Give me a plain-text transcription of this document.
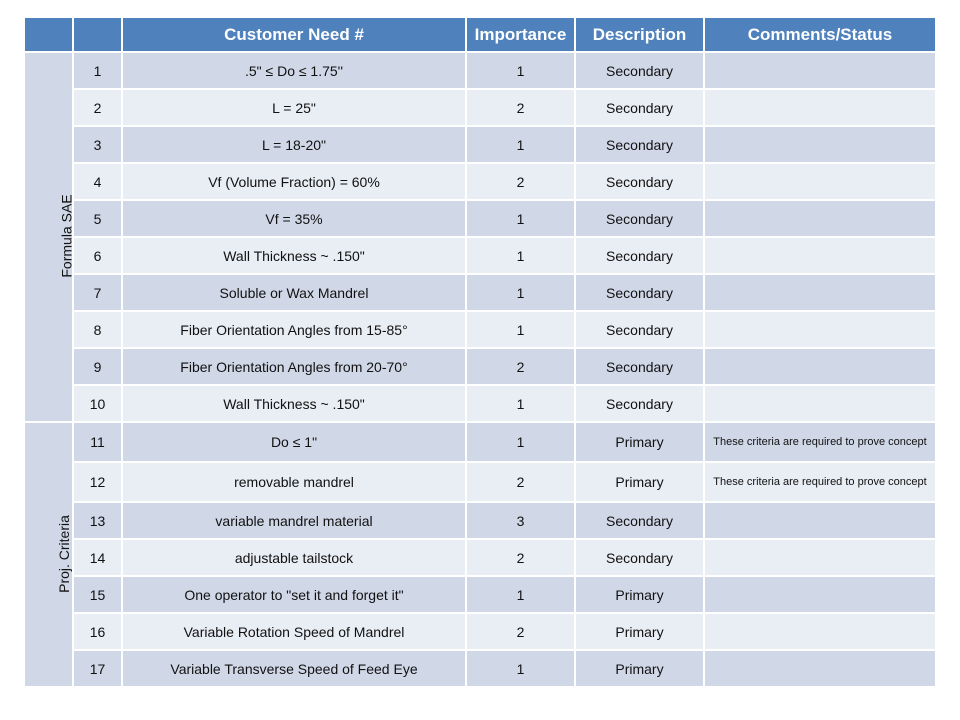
		Customer Need #	Importance	Description	Comments/Status
Formula SAE	1	.5" ≤ Do ≤ 1.75''	1	Secondary	
	2	L = 25"	2	Secondary	
	3	L = 18-20"	1	Secondary	
	4	Vf (Volume Fraction) = 60%	2	Secondary	
	5	Vf = 35%	1	Secondary	
	6	Wall Thickness ~ .150"	1	Secondary	
	7	Soluble or Wax Mandrel	1	Secondary	
	8	Fiber Orientation Angles from 15-85°	1	Secondary	
	9	Fiber Orientation Angles from 20-70°	2	Secondary	
	10	Wall Thickness ~ .150"	1	Secondary	
Proj. Criteria	11	Do ≤ 1"	1	Primary	These criteria are required to prove concept
	12	removable mandrel	2	Primary	These criteria are required to prove concept
	13	variable mandrel material	3	Secondary	
	14	adjustable tailstock	2	Secondary	
	15	One operator to "set it and forget it"	1	Primary	
	16	Variable Rotation Speed of Mandrel	2	Primary	
	17	Variable Transverse Speed of Feed Eye	1	Primary	
